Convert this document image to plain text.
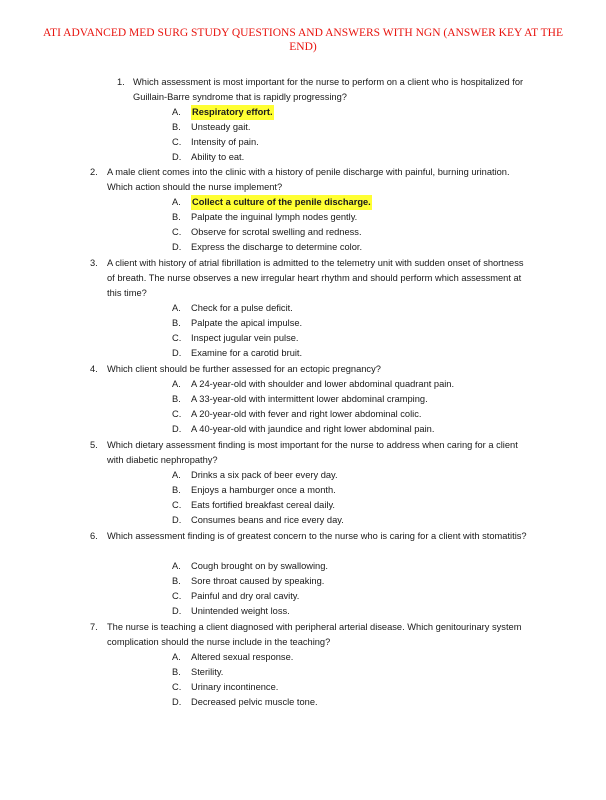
ATI ADVANCED MED SURG STUDY QUESTIONS AND ANSWERS WITH NGN (ANSWER KEY AT THE END)
1. Which assessment is most important for the nurse to perform on a client who is hospitalized for Guillain-Barre syndrome that is rapidly progressing?

A. Respiratory effort.
B. Unsteady gait.
C. Intensity of pain.
D. Ability to eat.
2. A male client comes into the clinic with a history of penile discharge with painful, burning urination. Which action should the nurse implement?

A. Collect a culture of the penile discharge.
B. Palpate the inguinal lymph nodes gently.
C. Observe for scrotal swelling and redness.
D. Express the discharge to determine color.
3. A client with history of atrial fibrillation is admitted to the telemetry unit with sudden onset of shortness of breath. The nurse observes a new irregular heart rhythm and should perform which assessment at this time?

A. Check for a pulse deficit.
B. Palpate the apical impulse.
C. Inspect jugular vein pulse.
D. Examine for a carotid bruit.
4. Which client should be further assessed for an ectopic pregnancy?

A. A 24-year-old with shoulder and lower abdominal quadrant pain.
B. A 33-year-old with intermittent lower abdominal cramping.
C. A 20-year-old with fever and right lower abdominal colic.
D. A 40-year-old with jaundice and right lower abdominal pain.
5. Which dietary assessment finding is most important for the nurse to address when caring for a client with diabetic nephropathy?

A. Drinks a six pack of beer every day.
B. Enjoys a hamburger once a month.
C. Eats fortified breakfast cereal daily.
D. Consumes beans and rice every day.
6. Which assessment finding is of greatest concern to the nurse who is caring for a client with stomatitis?

A. Cough brought on by swallowing.
B. Sore throat caused by speaking.
C. Painful and dry oral cavity.
D. Unintended weight loss.
7. The nurse is teaching a client diagnosed with peripheral arterial disease. Which genitourinary system complication should the nurse include in the teaching?

A. Altered sexual response.
B. Sterility.
C. Urinary incontinence.
D. Decreased pelvic muscle tone.
